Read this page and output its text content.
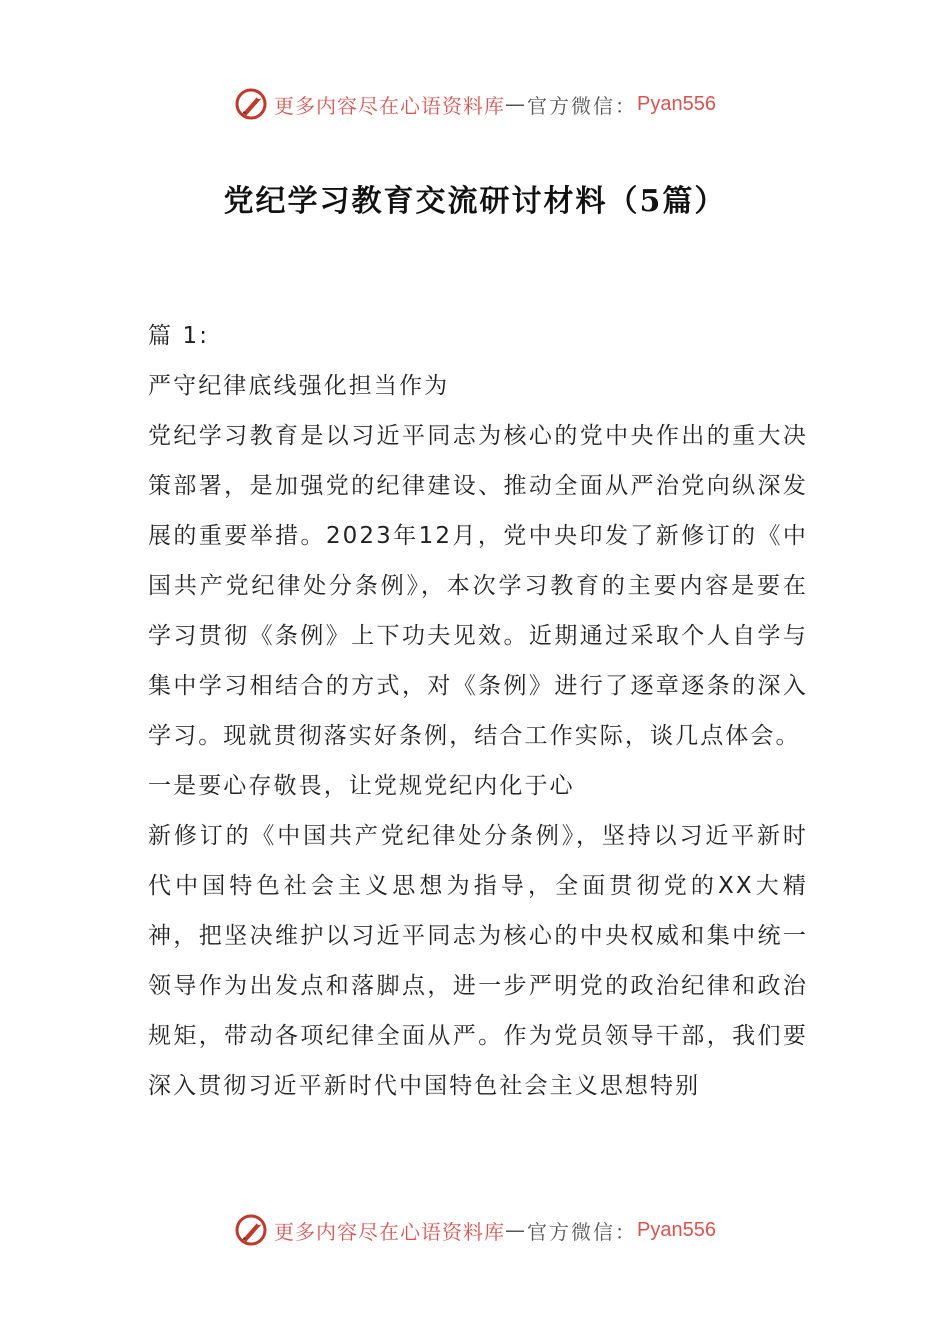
更多内容尽在心语资料库 — 官方微信： Pyan556
党纪学习教育交流研讨材料（5篇）

篇 1:

严守纪律底线强化担当作为

党纪学习教育是以习近平同志为核心的党中央作出的重大决策部署，是加强党的纪律建设、推动全面从严治党向纵深发展的重要举措。2023年12月，党中央印发了新修订的《中国共产党纪律处分条例》，本次学习教育的主要内容是要在学习贯彻《条例》上下功夫见效。近期通过采取个人自学与集中学习相结合的方式，对《条例》进行了逐章逐条的深入学习。现就贯彻落实好条例，结合工作实际，谈几点体会。

一是要心存敬畏，让党规党纪内化于心

新修订的《中国共产党纪律处分条例》，坚持以习近平新时代中国特色社会主义思想为指导，全面贯彻党的XX大精神，把坚决维护以习近平同志为核心的中央权威和集中统一领导作为出发点和落脚点，进一步严明党的政治纪律和政治规矩，带动各项纪律全面从严。作为党员领导干部，我们要深入贯彻习近平新时代中国特色社会主义思想特别

更多内容尽在心语资料库 — 官方微信： Pyan556
